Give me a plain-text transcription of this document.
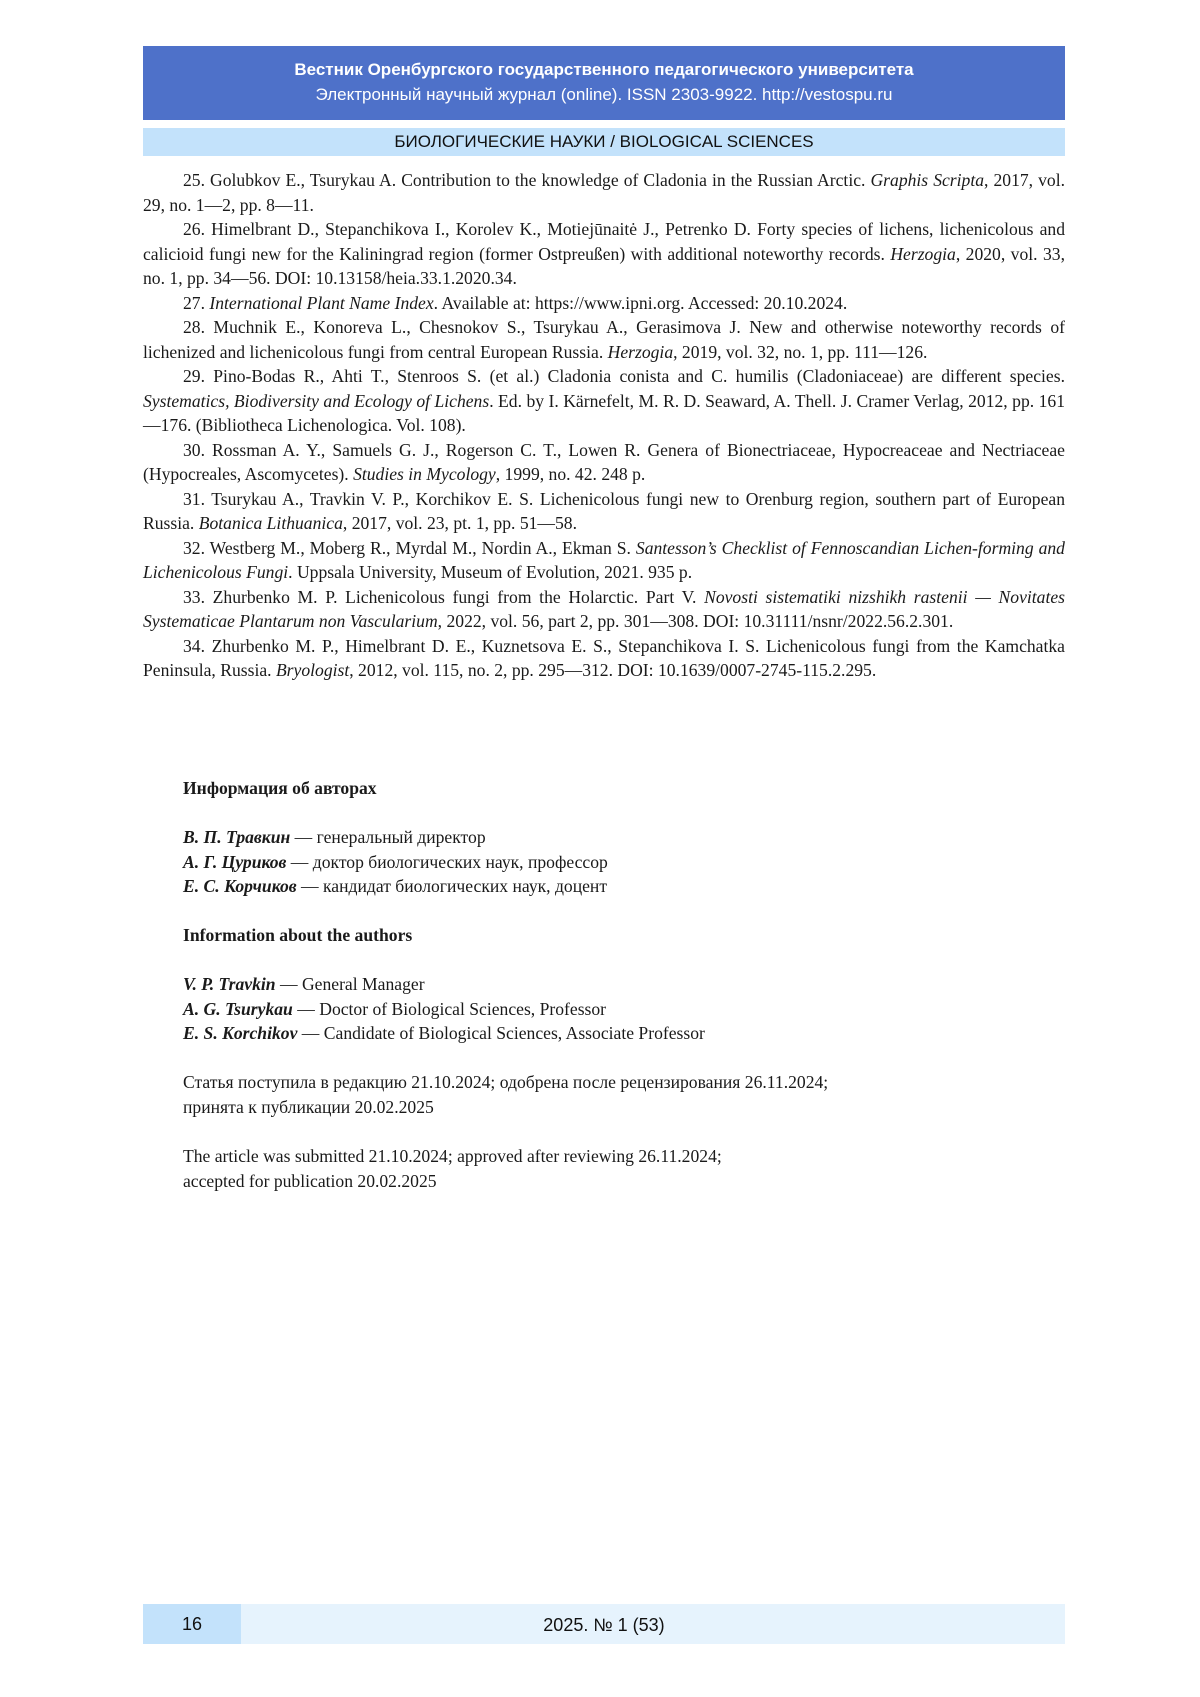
Вестник Оренбургского государственного педагогического университета
Электронный научный журнал (online). ISSN 2303-9922. http://vestospu.ru
БИОЛОГИЧЕСКИЕ НАУКИ / BIOLOGICAL SCIENCES

25. Golubkov E., Tsurykau A. Contribution to the knowledge of Cladonia in the Russian Arctic. Graphis Scripta, 2017, vol. 29, no. 1—2, pp. 8—11.

26. Himelbrant D., Stepanchikova I., Korolev K., Motiejūnaitė J., Petrenko D. Forty species of lichens, lichenicolous and calicioid fungi new for the Kaliningrad region (former Ostpreußen) with additional noteworthy records. Herzogia, 2020, vol. 33, no. 1, pp. 34—56. DOI: 10.13158/heia.33.1.2020.34.

27. International Plant Name Index. Available at: https://www.ipni.org. Accessed: 20.10.2024.

28. Muchnik E., Konoreva L., Chesnokov S., Tsurykau A., Gerasimova J. New and otherwise noteworthy records of lichenized and lichenicolous fungi from central European Russia. Herzogia, 2019, vol. 32, no. 1, pp. 111—126.

29. Pino-Bodas R., Ahti T., Stenroos S. (et al.) Cladonia conista and C. humilis (Cladoniaceae) are different species. Systematics, Biodiversity and Ecology of Lichens. Ed. by I. Kärnefelt, M. R. D. Seaward, A. Thell. J. Cramer Verlag, 2012, pp. 161—176. (Bibliotheca Lichenologica. Vol. 108).

30. Rossman A. Y., Samuels G. J., Rogerson C. T., Lowen R. Genera of Bionectriaceae, Hypocreaceae and Nectriaceae (Hypocreales, Ascomycetes). Studies in Mycology, 1999, no. 42. 248 p.

31. Tsurykau A., Travkin V. P., Korchikov E. S. Lichenicolous fungi new to Orenburg region, southern part of European Russia. Botanica Lithuanica, 2017, vol. 23, pt. 1, pp. 51—58.

32. Westberg M., Moberg R., Myrdal M., Nordin A., Ekman S. Santesson’s Checklist of Fennoscandian Lichen-forming and Lichenicolous Fungi. Uppsala University, Museum of Evolution, 2021. 935 p.

33. Zhurbenko M. P. Lichenicolous fungi from the Holarctic. Part V. Novosti sistematiki nizshikh rastenii — Novitates Systematicae Plantarum non Vascularium, 2022, vol. 56, part 2, pp. 301—308. DOI: 10.31111/nsnr/2022.56.2.301.

34. Zhurbenko M. P., Himelbrant D. E., Kuznetsova E. S., Stepanchikova I. S. Lichenicolous fungi from the Kamchatka Peninsula, Russia. Bryologist, 2012, vol. 115, no. 2, pp. 295—312. DOI: 10.1639/0007-2745-115.2.295.

Информация об авторах

В. П. Травкин — генеральный директор

А. Г. Цуриков — доктор биологических наук, профессор

Е. С. Корчиков — кандидат биологических наук, доцент

Information about the authors

V. P. Travkin — General Manager

A. G. Tsurykau — Doctor of Biological Sciences, Professor

E. S. Korchikov — Candidate of Biological Sciences, Associate Professor

Статья поступила в редакцию 21.10.2024; одобрена после рецензирования 26.11.2024;

принята к публикации 20.02.2025

The article was submitted 21.10.2024; approved after reviewing 26.11.2024;

accepted for publication 20.02.2025

2025. № 1 (53)
16
